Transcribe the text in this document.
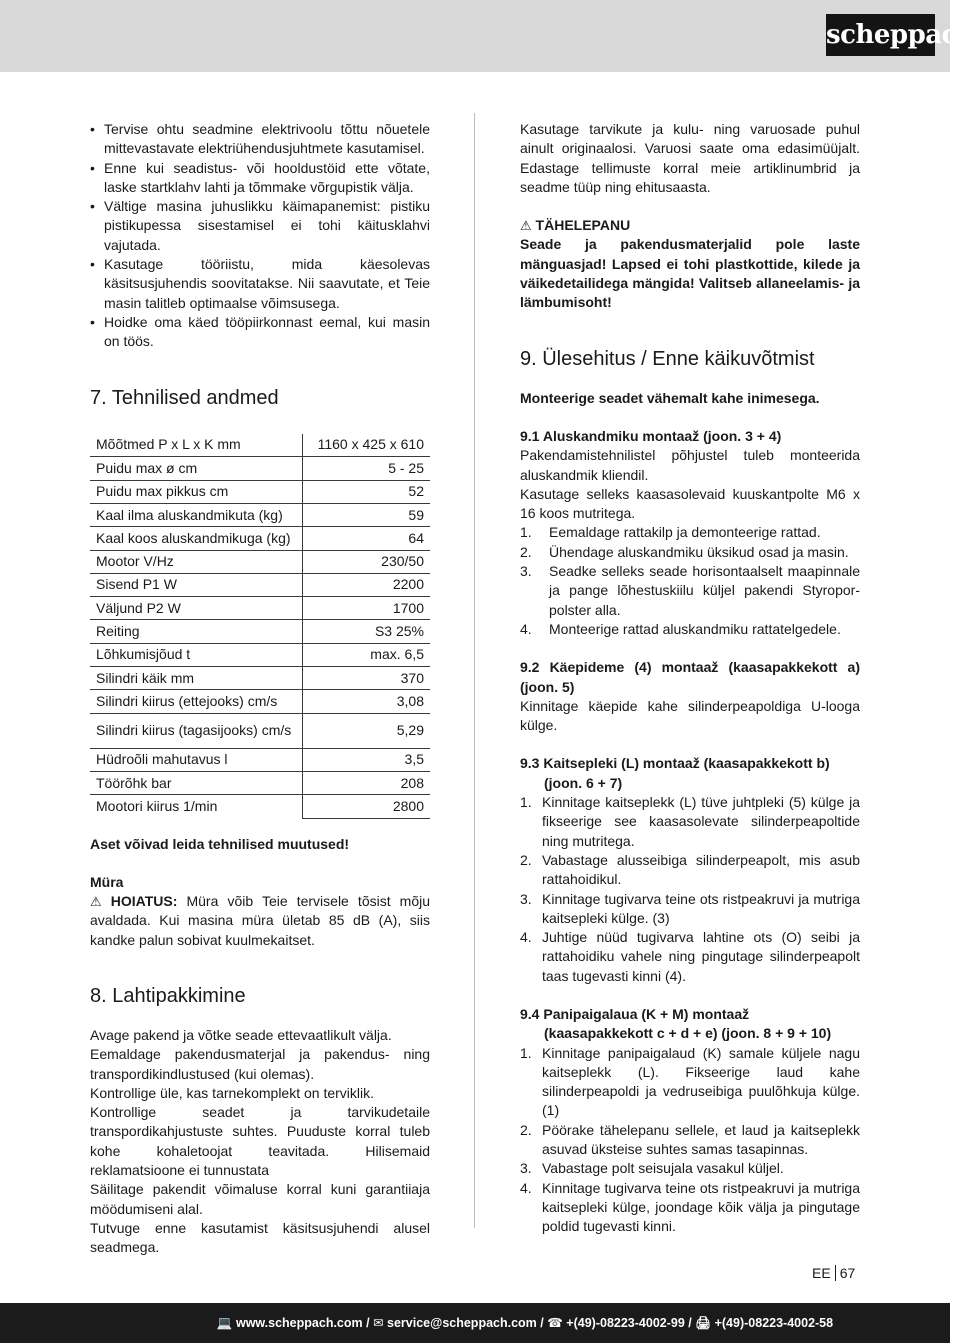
scheppach
• Tervise ohtu seadmine elektrivoolu tõttu nõuetele mittevastavate elektriühendusjuhtmete kasutamisel.
• Enne kui seadistus- või hooldustöid ette võtate, laske startklahv lahti ja tõmmake võrgupistik välja.
• Vältige masina juhuslikku käimapanemist: pistiku pistikupessa sisestamisel ei tohi käitusklahvi vajutada.
• Kasutage tööriistu, mida käesolevas käsitsusjuhendis soovitatakse. Nii saavutate, et Teie masin talitleb optimaalse võimsusega.
• Hoidke oma käed tööpiirkonnast eemal, kui masin on töös.
7. Tehnilised andmed
Mõõtmed P x L x K mm	1160 x 425 x 610
Puidu max ø cm	5 - 25
Puidu max pikkus cm	52
Kaal ilma aluskandmikuta (kg)	59
Kaal koos aluskandmikuga (kg)	64
Mootor V/Hz	230/50
Sisend P1 W	2200
Väljund P2 W	1700
Reiting	S3 25%
Lõhkumisjõud t	max. 6,5
Silindri käik mm	370
Silindri kiirus (ettejooks) cm/s	3,08
Silindri kiirus (tagasijooks) cm/s	5,29
Hüdroõli mahutavus l	3,5
Töörõhk bar	208
Mootori kiirus 1/min	2800

Aset võivad leida tehnilised muutused!

Müra

⚠ HOIATUS: Müra võib Teie tervisele tõsist mõju avaldada. Kui masina müra ületab 85 dB (A), siis kandke palun sobivat kuulmekaitset.

8. Lahtipakkimine

Avage pakend ja võtke seade ettevaatlikult välja.

Eemaldage pakendusmaterjal ja pakendus- ning transpordikindlustused (kui olemas).

Kontrollige üle, kas tarnekomplekt on terviklik.

Kontrollige seadet ja tarvikudetaile transpordikahjustuste suhtes. Puuduste korral tuleb kohe kohaletoojat teavitada. Hilisemaid reklamatsioone ei tunnustata

Säilitage pakendit võimaluse korral kuni garantiiaja möödumiseni alal.

Tutvuge enne kasutamist käsitsusjuhendi alusel seadmega.

Kasutage tarvikute ja kulu- ning varuosade puhul ainult originaalosi. Varuosi saate oma edasimüüjalt. Edastage tellimuste korral meie artiklinumbrid ja seadme tüüp ning ehitusaasta.

⚠ TÄHELEPANU

Seade ja pakendusmaterjalid pole laste mänguasjad! Lapsed ei tohi plastkottide, kilede ja väikedetailidega mängida! Valitseb allaneelamis- ja lämbumisoht!

9. Ülesehitus / Enne käikuvõtmist

Monteerige seadet vähemalt kahe inimesega.

9.1 Aluskandmiku montaaž (joon. 3 + 4)

Pakendamistehnilistel põhjustel tuleb monteerida aluskandmik kliendil.

Kasutage selleks kaasasolevaid kuuskantpolte M6 x 16 koos mutritega.

1. Eemaldage rattakilp ja demonteerige rattad.
2. Ühendage aluskandmiku üksikud osad ja masin.
3. Seadke selleks seade horisontaalselt maapinnale ja pange lõhestuskiilu küljel pakendi Styropor-polster alla.
4. Monteerige rattad aluskandmiku rattatelgedele.

9.2 Käepideme (4) montaaž (kaasapakkekott a) (joon. 5)

Kinnitage käepide kahe silinderpeapoldiga U-looga külge.

9.3 Kaitsepleki (L) montaaž (kaasapakkekott b)

(joon. 6 + 7)

1. Kinnitage kaitseplekk (L) tüve juhtpleki (5) külge ja fikseerige see kaasasolevate silinderpeapoltide ning mutritega.
2. Vabastage alusseibiga silinderpeapolt, mis asub rattahoidikul.
3. Kinnitage tugivarva teine ots ristpeakruvi ja mutriga kaitsepleki külge. (3)
4. Juhtige nüüd tugivarva lahtine ots (O) seibi ja rattahoidiku vahele ning pingutage silinderpeapolt taas tugevasti kinni (4).

9.4 Panipaigalaua (K + M) montaaž

(kaasapakkekott c + d + e) (joon. 8 + 9 + 10)

1. Kinnitage panipaigalaud (K) samale küljele nagu kaitseplekk (L). Fikseerige laud kahe silinderpeapoldi ja vedruseibiga puulõhkuja külge. (1)
2. Pöörake tähelepanu sellele, et laud ja kaitseplekk asuvad üksteise suhtes samas tasapinnas.
3. Vabastage polt seisujala vasakul küljel.
4. Kinnitage tugivarva teine ots ristpeakruvi ja mutriga kaitsepleki külge, joondage kõik välja ja pingutage poldid tugevasti kinni.
EE 67
💻 www.scheppach.com / ✉ service@scheppach.com / ☎ +(49)-08223-4002-99 / 🖨 +(49)-08223-4002-58
